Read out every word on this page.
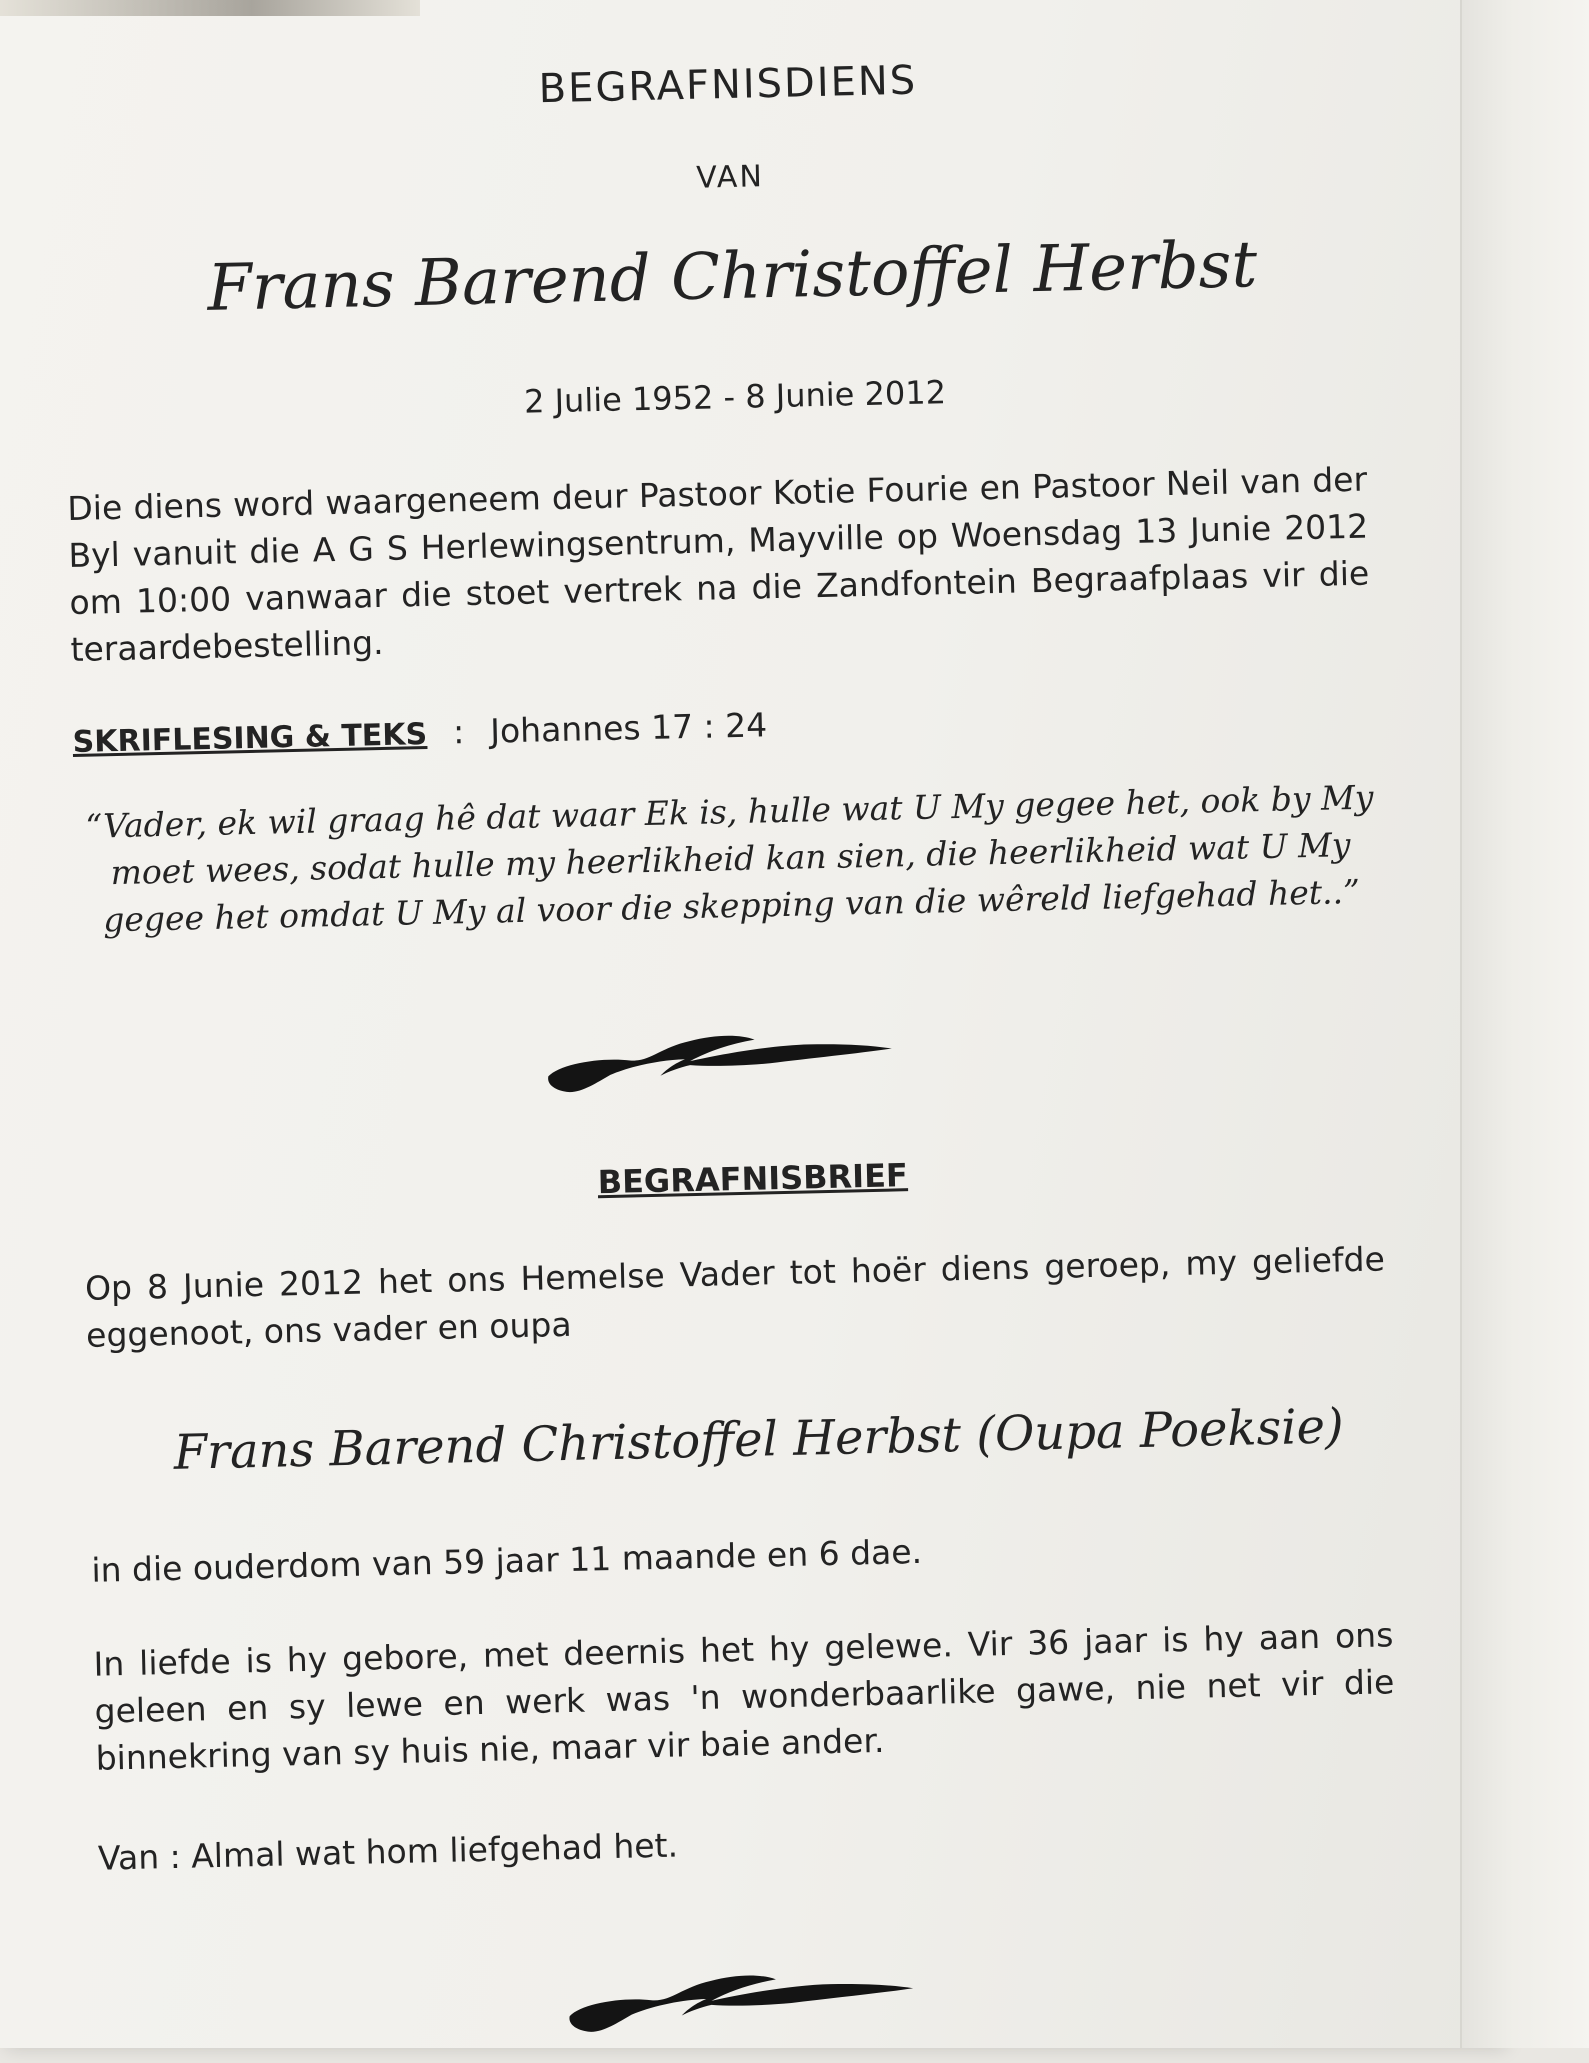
BEGRAFNISDIENS
VAN
Frans Barend Christoffel Herbst
2 Julie 1952 - 8 Junie 2012
Die diens word waargeneem deur Pastoor Kotie Fourie en Pastoor Neil van der Byl vanuit die A G S Herlewingsentrum, Mayville op Woensdag 13 Junie 2012 om 10:00 vanwaar die stoet vertrek na die Zandfontein Begraafplaas vir die teraardebestelling.
SKRIFLESING & TEKS : Johannes 17 : 24
“Vader, ek wil graag hê dat waar Ek is, hulle wat U My gegee het, ook by My moet wees, sodat hulle my heerlikheid kan sien, die heerlikheid wat U My gegee het omdat U My al voor die skepping van die wêreld liefgehad het..”
BEGRAFNISBRIEF
Op 8 Junie 2012 het ons Hemelse Vader tot hoër diens geroep, my geliefde eggenoot, ons vader en oupa
Frans Barend Christoffel Herbst (Oupa Poeksie)
in die ouderdom van 59 jaar 11 maande en 6 dae.
In liefde is hy gebore, met deernis het hy gelewe. Vir 36 jaar is hy aan ons geleen en sy lewe en werk was 'n wonderbaarlike gawe, nie net vir die binnekring van sy huis nie, maar vir baie ander.
Van : Almal wat hom liefgehad het.
